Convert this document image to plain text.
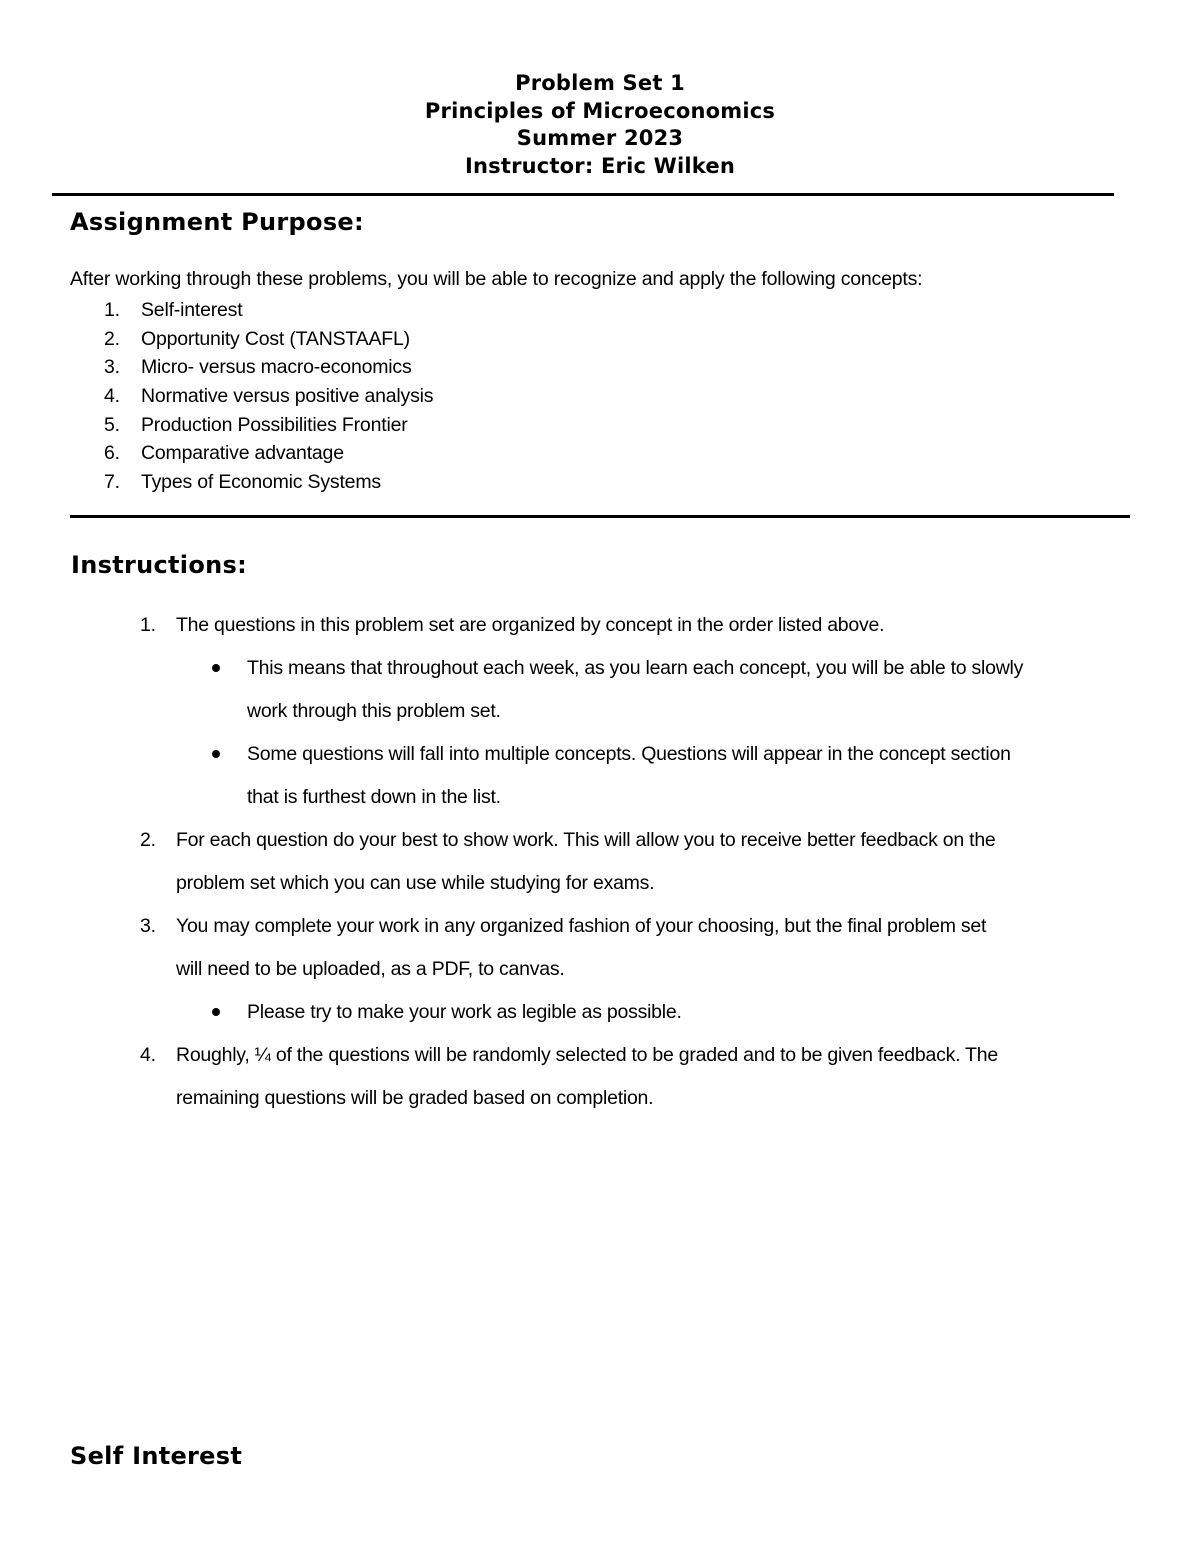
Problem Set 1
Principles of Microeconomics
Summer 2023
Instructor: Eric Wilken
Assignment Purpose:
After working through these problems, you will be able to recognize and apply the following concepts:
1. Self-interest
2. Opportunity Cost (TANSTAAFL)
3. Micro- versus macro-economics
4. Normative versus positive analysis
5. Production Possibilities Frontier
6. Comparative advantage
7. Types of Economic Systems
Instructions:
1. The questions in this problem set are organized by concept in the order listed above.
This means that throughout each week, as you learn each concept, you will be able to slowly
work through this problem set.
Some questions will fall into multiple concepts. Questions will appear in the concept section
that is furthest down in the list.
2. For each question do your best to show work. This will allow you to receive better feedback on the
problem set which you can use while studying for exams.
3. You may complete your work in any organized fashion of your choosing, but the final problem set
will need to be uploaded, as a PDF, to canvas.
Please try to make your work as legible as possible.
4. Roughly, ¼ of the questions will be randomly selected to be graded and to be given feedback. The
remaining questions will be graded based on completion.
Self Interest
